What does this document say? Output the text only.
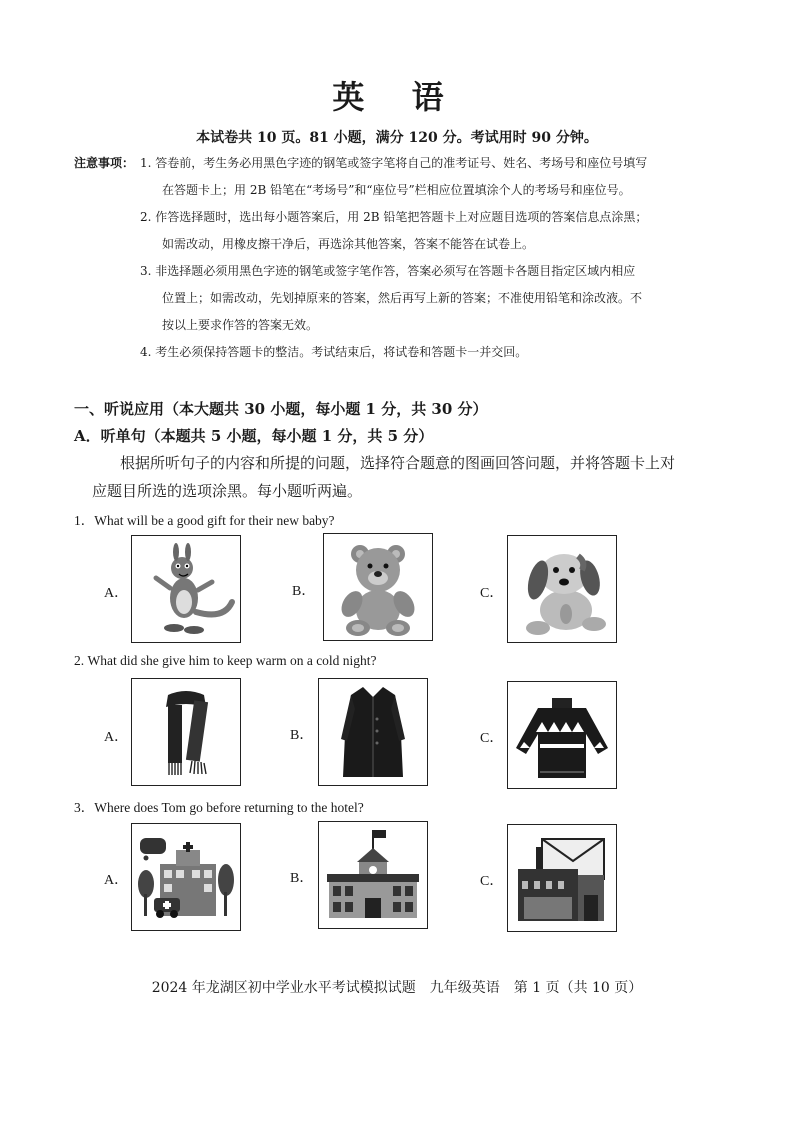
英 语
本试卷共 10 页。81 小题，满分 120 分。考试用时 90 分钟。
注意事项： 1. 答卷前，考生务必用黑色字迹的钢笔或签字笔将自己的准考证号、姓名、考场号和座位号填写
在答题卡上；用 2B 铅笔在“考场号”和“座位号”栏相应位置填涂个人的考场号和座位号。
2. 作答选择题时，选出每小题答案后，用 2B 铅笔把答题卡上对应题目选项的答案信息点涂黑；
如需改动，用橡皮擦干净后，再选涂其他答案，答案不能答在试卷上。
3. 非选择题必须用黑色字迹的钢笔或签字笔作答，答案必须写在答题卡各题目指定区域内相应
位置上；如需改动，先划掉原来的答案，然后再写上新的答案；不准使用铅笔和涂改液。不
按以上要求作答的答案无效。
4. 考生必须保持答题卡的整洁。考试结束后，将试卷和答题卡一并交回。
一、听说应用（本大题共 30 小题，每小题 1 分，共 30 分）
A．听单句（本题共 5 小题，每小题 1 分，共 5 分）
根据所听句子的内容和所提的问题，选择符合题意的图画回答问题，并将答题卡上对
应题目所选的选项涂黑。每小题听两遍。
1．What will be a good gift for their new baby?
A．	B．	C．
2. What did she give him to keep warm on a cold night?
A．	B．	C．
3．Where does Tom go before returning to the hotel?
A．	B．	C．
2024 年龙湖区初中学业水平考试模拟试题　九年级英语　第 1 页（共 10 页）
